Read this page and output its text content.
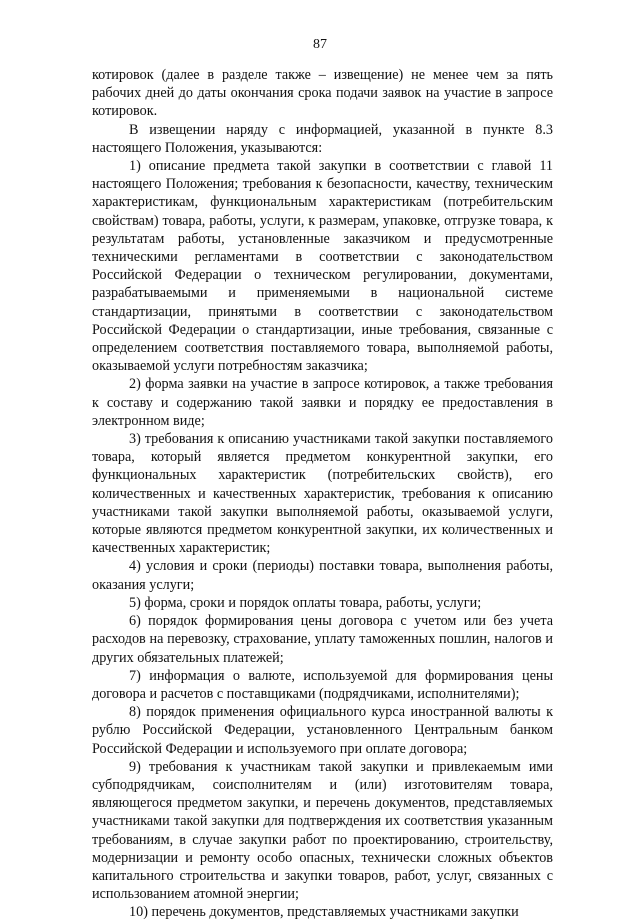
87

котировок (далее в разделе также – извещение) не менее чем за пять рабочих дней до даты окончания срока подачи заявок на участие в запросе котировок.

В извещении наряду с информацией, указанной в пункте 8.3 настоящего Положения, указываются:

1) описание предмета такой закупки в соответствии с главой 11 настоящего Положения; требования к безопасности, качеству, техническим характеристикам, функциональным характеристикам (потребительским свойствам) товара, работы, услуги, к размерам, упаковке, отгрузке товара, к результатам работы, установленные заказчиком и предусмотренные техническими регламентами в соответствии с законодательством Российской Федерации о техническом регулировании, документами, разрабатываемыми и применяемыми в национальной системе стандартизации, принятыми в соответствии с законодательством Российской Федерации о стандартизации, иные требования, связанные с определением соответствия поставляемого товара, выполняемой работы, оказываемой услуги потребностям заказчика;

2) форма заявки на участие в запросе котировок, а также требования к составу и содержанию такой заявки и порядку ее предоставления в электронном виде;

3) требования к описанию участниками такой закупки поставляемого товара, который является предметом конкурентной закупки, его функциональных характеристик (потребительских свойств), его количественных и качественных характеристик, требования к описанию участниками такой закупки выполняемой работы, оказываемой услуги, которые являются предметом конкурентной закупки, их количественных и качественных характеристик;

4) условия и сроки (периоды) поставки товара, выполнения работы, оказания услуги;

5) форма, сроки и порядок оплаты товара, работы, услуги;

6) порядок формирования цены договора с учетом или без учета расходов на перевозку, страхование, уплату таможенных пошлин, налогов и других обязательных платежей;

7) информация о валюте, используемой для формирования цены договора и расчетов с поставщиками (подрядчиками, исполнителями);

8) порядок применения официального курса иностранной валюты к рублю Российской Федерации, установленного Центральным банком Российской Федерации и используемого при оплате договора;

9) требования к участникам такой закупки и привлекаемым ими субподрядчикам, соисполнителям и (или) изготовителям товара, являющегося предметом закупки, и перечень документов, представляемых участниками такой закупки для подтверждения их соответствия указанным требованиям, в случае закупки работ по проектированию, строительству, модернизации и ремонту особо опасных, технически сложных объектов капитального строительства и закупки товаров, работ, услуг, связанных с использованием атомной энергии;

10) перечень документов, представляемых участниками закупки
